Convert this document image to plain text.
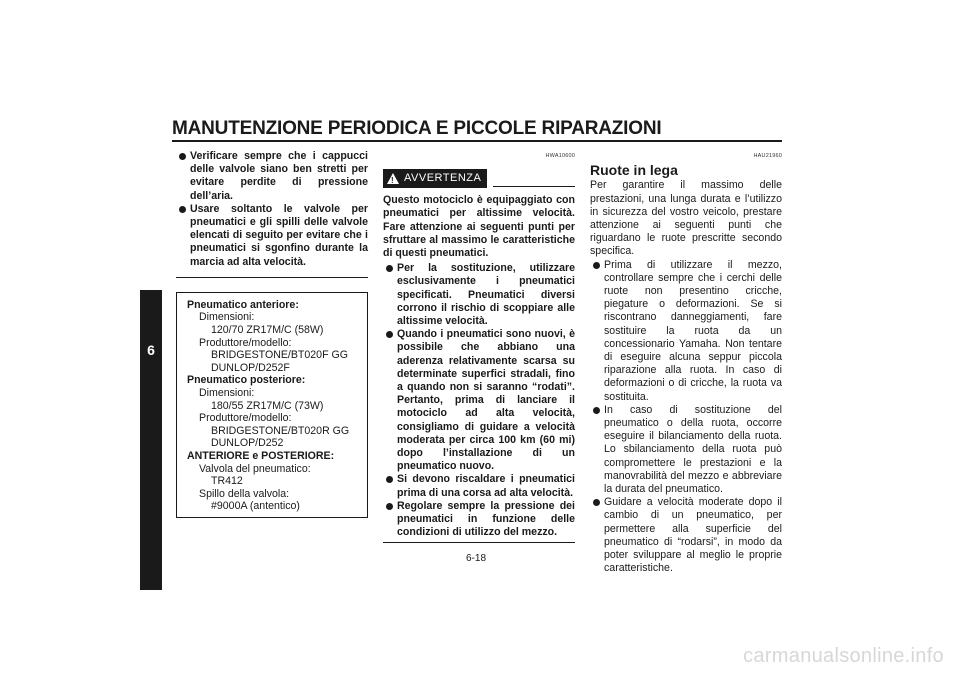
MANUTENZIONE PERIODICA E PICCOLE RIPARAZIONI
6
Verificare sempre che i cappucci delle valvole siano ben stretti per evitare perdite di pressione dell’aria.
Usare soltanto le valvole per pneumatici e gli spilli delle valvole elencati di seguito per evitare che i pneumatici si sgonfino durante la marcia ad alta velocità.
Pneumatico anteriore:
Dimensioni:
120/70 ZR17M/C (58W)
Produttore/modello:
BRIDGESTONE/BT020F GG
DUNLOP/D252F
Pneumatico posteriore:
Dimensioni:
180/55 ZR17M/C (73W)
Produttore/modello:
BRIDGESTONE/BT020R GG
DUNLOP/D252
ANTERIORE e POSTERIORE:
Valvola del pneumatico:
TR412
Spillo della valvola:
#9000A (antentico)
HWA10600
! AVVERTENZA
Questo motociclo è equipaggiato con pneumatici per altissime velocità. Fare attenzione ai seguenti punti per sfruttare al massimo le caratteristiche di questi pneumatici.
Per la sostituzione, utilizzare esclusivamente i pneumatici specificati. Pneumatici diversi corrono il rischio di scoppiare alle altissime velocità.
Quando i pneumatici sono nuovi, è possibile che abbiano una aderenza relativamente scarsa su determinate superfici stradali, fino a quando non si saranno “rodati”. Pertanto, prima di lanciare il motociclo ad alta velocità, consigliamo di guidare a velocità moderata per circa 100 km (60 mi) dopo l’installazione di un pneumatico nuovo.
Si devono riscaldare i pneumatici prima di una corsa ad alta velocità.
Regolare sempre la pressione dei pneumatici in funzione delle condizioni di utilizzo del mezzo.
HAU21960
Ruote in lega
Per garantire il massimo delle prestazioni, una lunga durata e l’utilizzo in sicurezza del vostro veicolo, prestare attenzione ai seguenti punti che riguardano le ruote prescritte secondo specifica.
Prima di utilizzare il mezzo, controllare sempre che i cerchi delle ruote non presentino cricche, piegature o deformazioni. Se si riscontrano danneggiamenti, fare sostituire la ruota da un concessionario Yamaha. Non tentare di eseguire alcuna seppur piccola riparazione alla ruota. In caso di deformazioni o di cricche, la ruota va sostituita.
In caso di sostituzione del pneumatico o della ruota, occorre eseguire il bilanciamento della ruota. Lo sbilanciamento della ruota può compromettere le prestazioni e la manovrabilità del mezzo e abbreviare la durata del pneumatico.
Guidare a velocità moderate dopo il cambio di un pneumatico, per permettere alla superficie del pneumatico di “rodarsi”, in modo da poter sviluppare al meglio le proprie caratteristiche.
6-18
carmanualsonline.info
